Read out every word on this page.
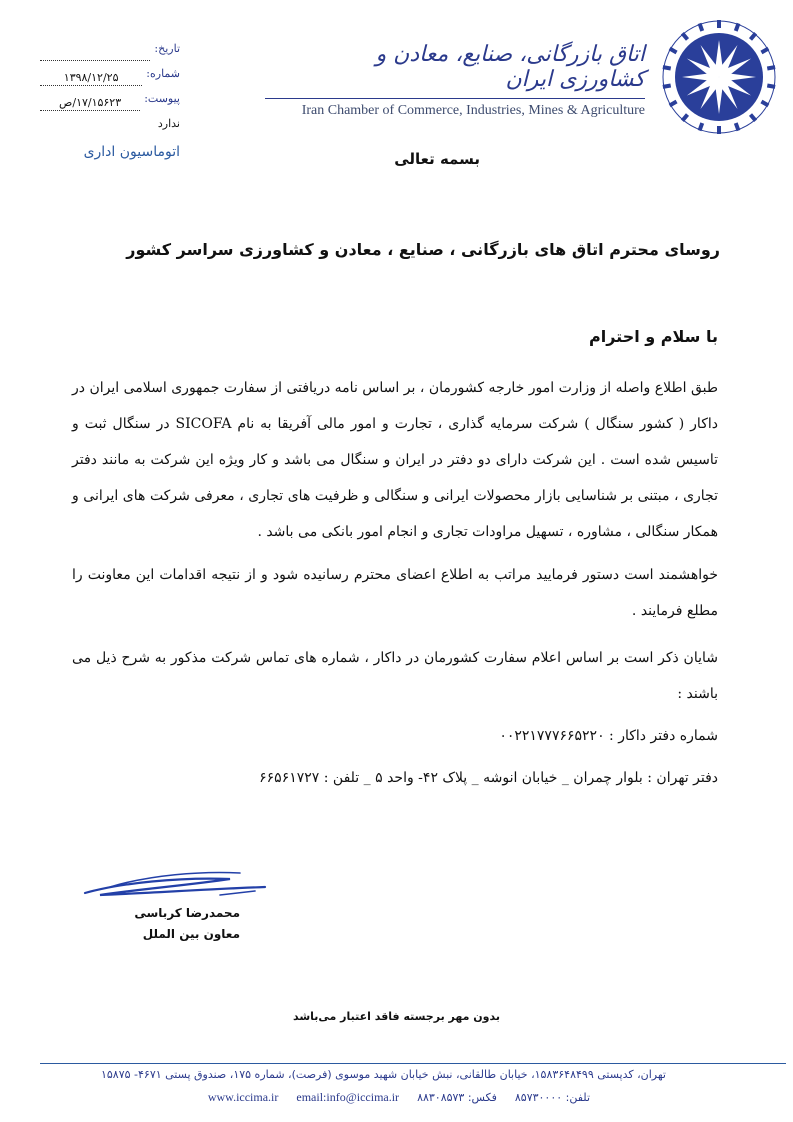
تاریخ:
شماره:
۱۳۹۸/۱۲/۲۵
پیوست:
۱۷/۱۵۶۲۳/ص
ندارد
اتوماسیون اداری
اتاق بازرگانی، صنایع، معادن و کشاورزی ایران
Iran Chamber of Commerce, Industries, Mines & Agriculture
بسمه تعالی
روسای محترم اتاق های بازرگانی ، صنایع ، معادن و کشاورزی سراسر کشور
با سلام و احترام
طبق اطلاع واصله از وزارت امور خارجه کشورمان ، بر اساس نامه دریافتی از سفارت جمهوری اسلامی ایران در داکار ( کشور سنگال ) شرکت سرمایه گذاری ، تجارت و امور مالی آفریقا به نام SICOFA در سنگال ثبت و تاسیس شده است . این شرکت دارای دو دفتر در ایران و سنگال می باشد و کار ویژه این شرکت به مانند دفتر تجاری ، مبتنی بر شناسایی بازار محصولات ایرانی و سنگالی و ظرفیت های تجاری ، معرفی شرکت های ایرانی و همکار سنگالی ، مشاوره ، تسهیل مراودات تجاری و انجام امور بانکی می باشد .
خواهشمند است دستور فرمایید مراتب به اطلاع اعضای محترم رسانیده شود و از نتیجه اقدامات این معاونت را مطلع فرمایند .
شایان ذکر است بر اساس اعلام سفارت کشورمان در داکار ، شماره های تماس شرکت مذکور به شرح ذیل می باشند :
شماره دفتر داکار : ۰۰۲۲۱۷۷۷۶۶۵۲۲۰
دفتر تهران : بلوار چمران _ خیابان انوشه _ پلاک ۴۲- واحد ۵ _ تلفن : ۶۶۵۶۱۷۲۷
محمدرضا کرباسی
معاون بین الملل
بدون مهر برجسته فاقد اعتبار می‌باشد
تهران، کدپستی ۱۵۸۳۶۴۸۴۹۹، خیابان طالقانی، نبش خیابان شهید موسوی (فرصت)، شماره ۱۷۵، صندوق پستی ۴۶۷۱- ۱۵۸۷۵
تلفن: ۸۵۷۳۰۰۰۰
فکس: ۸۸۳۰۸۵۷۳
email:info@iccima.ir
www.iccima.ir
